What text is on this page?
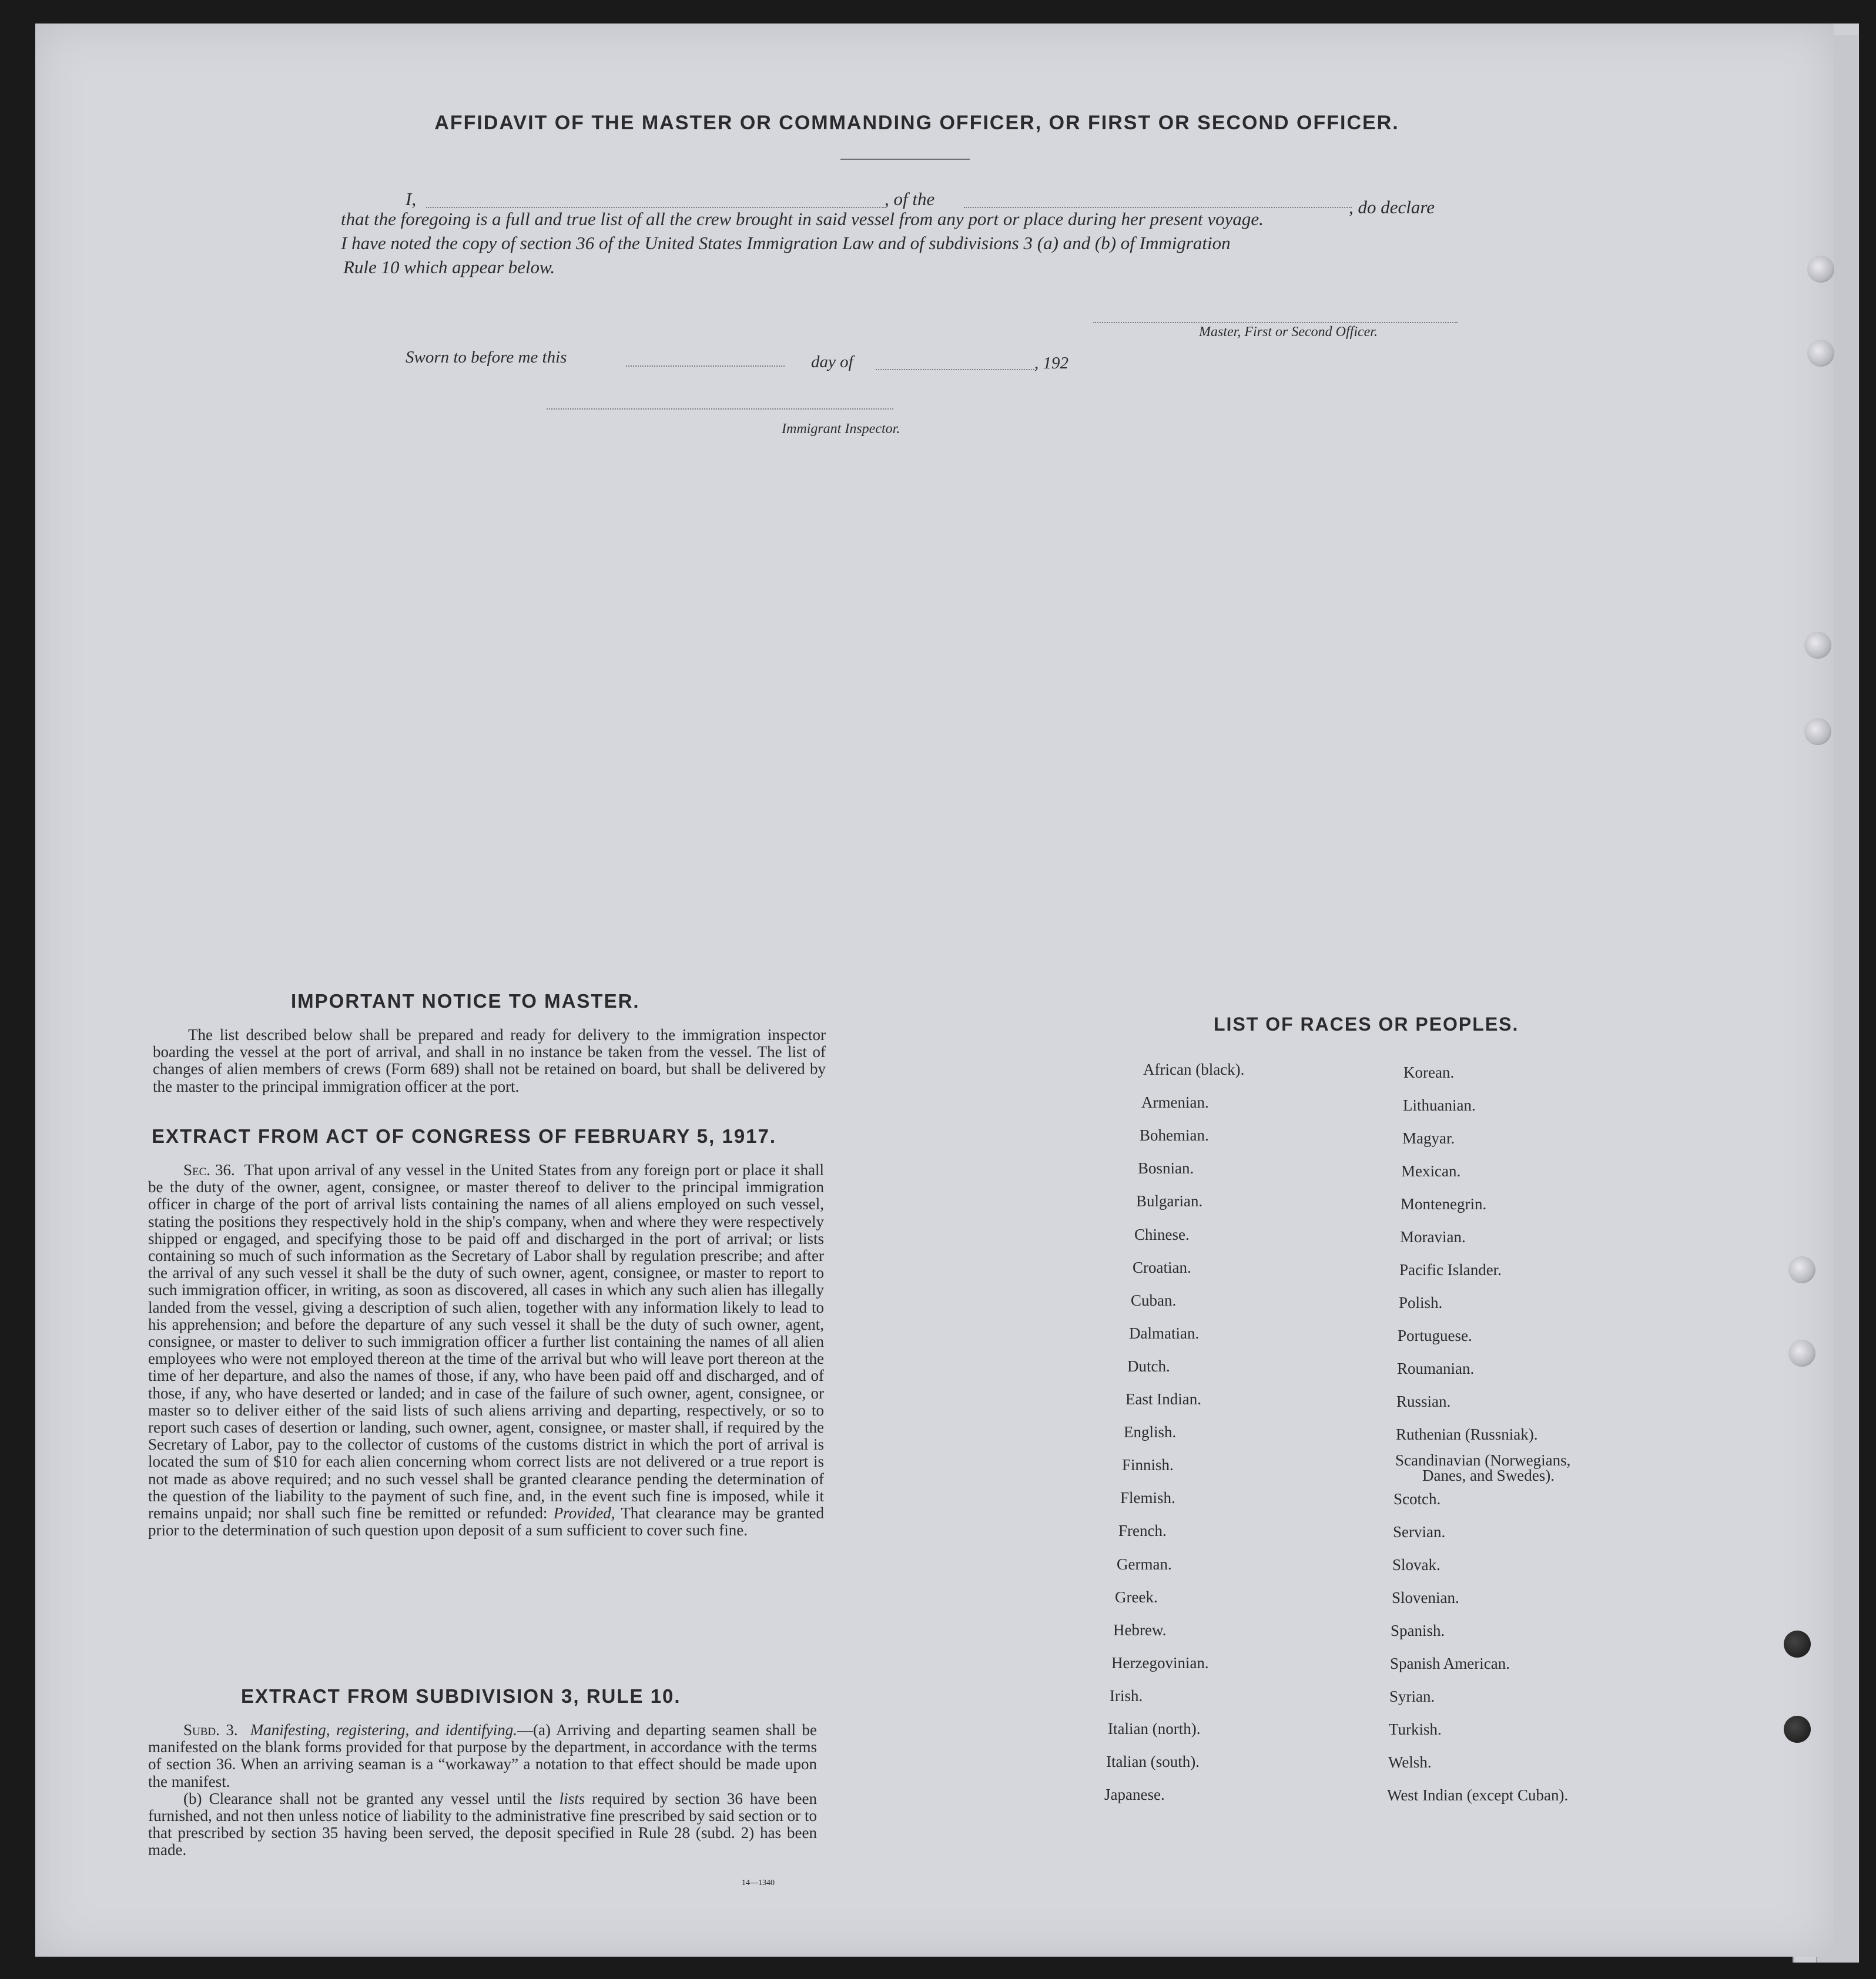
AFFIDAVIT OF THE MASTER OR COMMANDING OFFICER, OR FIRST OR SECOND OFFICER.
I,	, of the	, do declare
that the foregoing is a full and true list of all the crew brought in said vessel from any port or place during her present voyage.
I have noted the copy of section 36 of the United States Immigration Law and of subdivisions 3 (a) and (b) of Immigration
Rule 10 which appear below.
Master, First or Second Officer.
Sworn to before me this	day of	, 192
Immigrant Inspector.
IMPORTANT NOTICE TO MASTER.

The list described below shall be prepared and ready for delivery to the immigration inspector boarding the vessel at the port of arrival, and shall in no instance be taken from the vessel. The list of changes of alien members of crews (Form 689) shall not be retained on board, but shall be delivered by the master to the principal immigration officer at the port.

EXTRACT FROM ACT OF CONGRESS OF FEBRUARY 5, 1917.

Sec. 36. That upon arrival of any vessel in the United States from any foreign port or place it shall be the duty of the owner, agent, consignee, or master thereof to deliver to the principal immigration officer in charge of the port of arrival lists containing the names of all aliens employed on such vessel, stating the positions they respectively hold in the ship's company, when and where they were respectively shipped or engaged, and specifying those to be paid off and discharged in the port of arrival; or lists containing so much of such information as the Secretary of Labor shall by regulation prescribe; and after the arrival of any such vessel it shall be the duty of such owner, agent, consignee, or master to report to such immigration officer, in writing, as soon as discovered, all cases in which any such alien has illegally landed from the vessel, giving a description of such alien, together with any information likely to lead to his apprehension; and before the departure of any such vessel it shall be the duty of such owner, agent, consignee, or master to deliver to such immigration officer a further list containing the names of all alien employees who were not employed thereon at the time of the arrival but who will leave port thereon at the time of her departure, and also the names of those, if any, who have been paid off and discharged, and of those, if any, who have deserted or landed; and in case of the failure of such owner, agent, consignee, or master so to deliver either of the said lists of such aliens arriving and departing, respectively, or so to report such cases of desertion or landing, such owner, agent, consignee, or master shall, if required by the Secretary of Labor, pay to the collector of customs of the customs district in which the port of arrival is located the sum of $10 for each alien concerning whom correct lists are not delivered or a true report is not made as above required; and no such vessel shall be granted clearance pending the determination of the question of the liability to the payment of such fine, and, in the event such fine is imposed, while it remains unpaid; nor shall such fine be remitted or refunded: Provided, That clearance may be granted prior to the determination of such question upon deposit of a sum sufficient to cover such fine.

EXTRACT FROM SUBDIVISION 3, RULE 10.

Subd. 3. Manifesting, registering, and identifying.—(a) Arriving and departing seamen shall be manifested on the blank forms provided for that purpose by the department, in accordance with the terms of section 36. When an arriving seaman is a “workaway” a notation to that effect should be made upon the manifest.

(b) Clearance shall not be granted any vessel until the lists required by section 36 have been furnished, and not then unless notice of liability to the administrative fine prescribed by said section or to that prescribed by section 35 having been served, the deposit specified in Rule 28 (subd. 2) has been made.

14—1340
LIST OF RACES OR PEOPLES.
African (black).
Armenian.
Bohemian.
Bosnian.
Bulgarian.
Chinese.
Croatian.
Cuban.
Dalmatian.
Dutch.
East Indian.
English.
Finnish.
Flemish.
French.
German.
Greek.
Hebrew.
Herzegovinian.
Irish.
Italian (north).
Italian (south).
Japanese.
Korean.
Lithuanian.
Magyar.
Mexican.
Montenegrin.
Moravian.
Pacific Islander.
Polish.
Portuguese.
Roumanian.
Russian.
Ruthenian (Russniak).
Scandinavian (Norwegians,
Danes, and Swedes).
Scotch.
Servian.
Slovak.
Slovenian.
Spanish.
Spanish American.
Syrian.
Turkish.
Welsh.
West Indian (except Cuban).
